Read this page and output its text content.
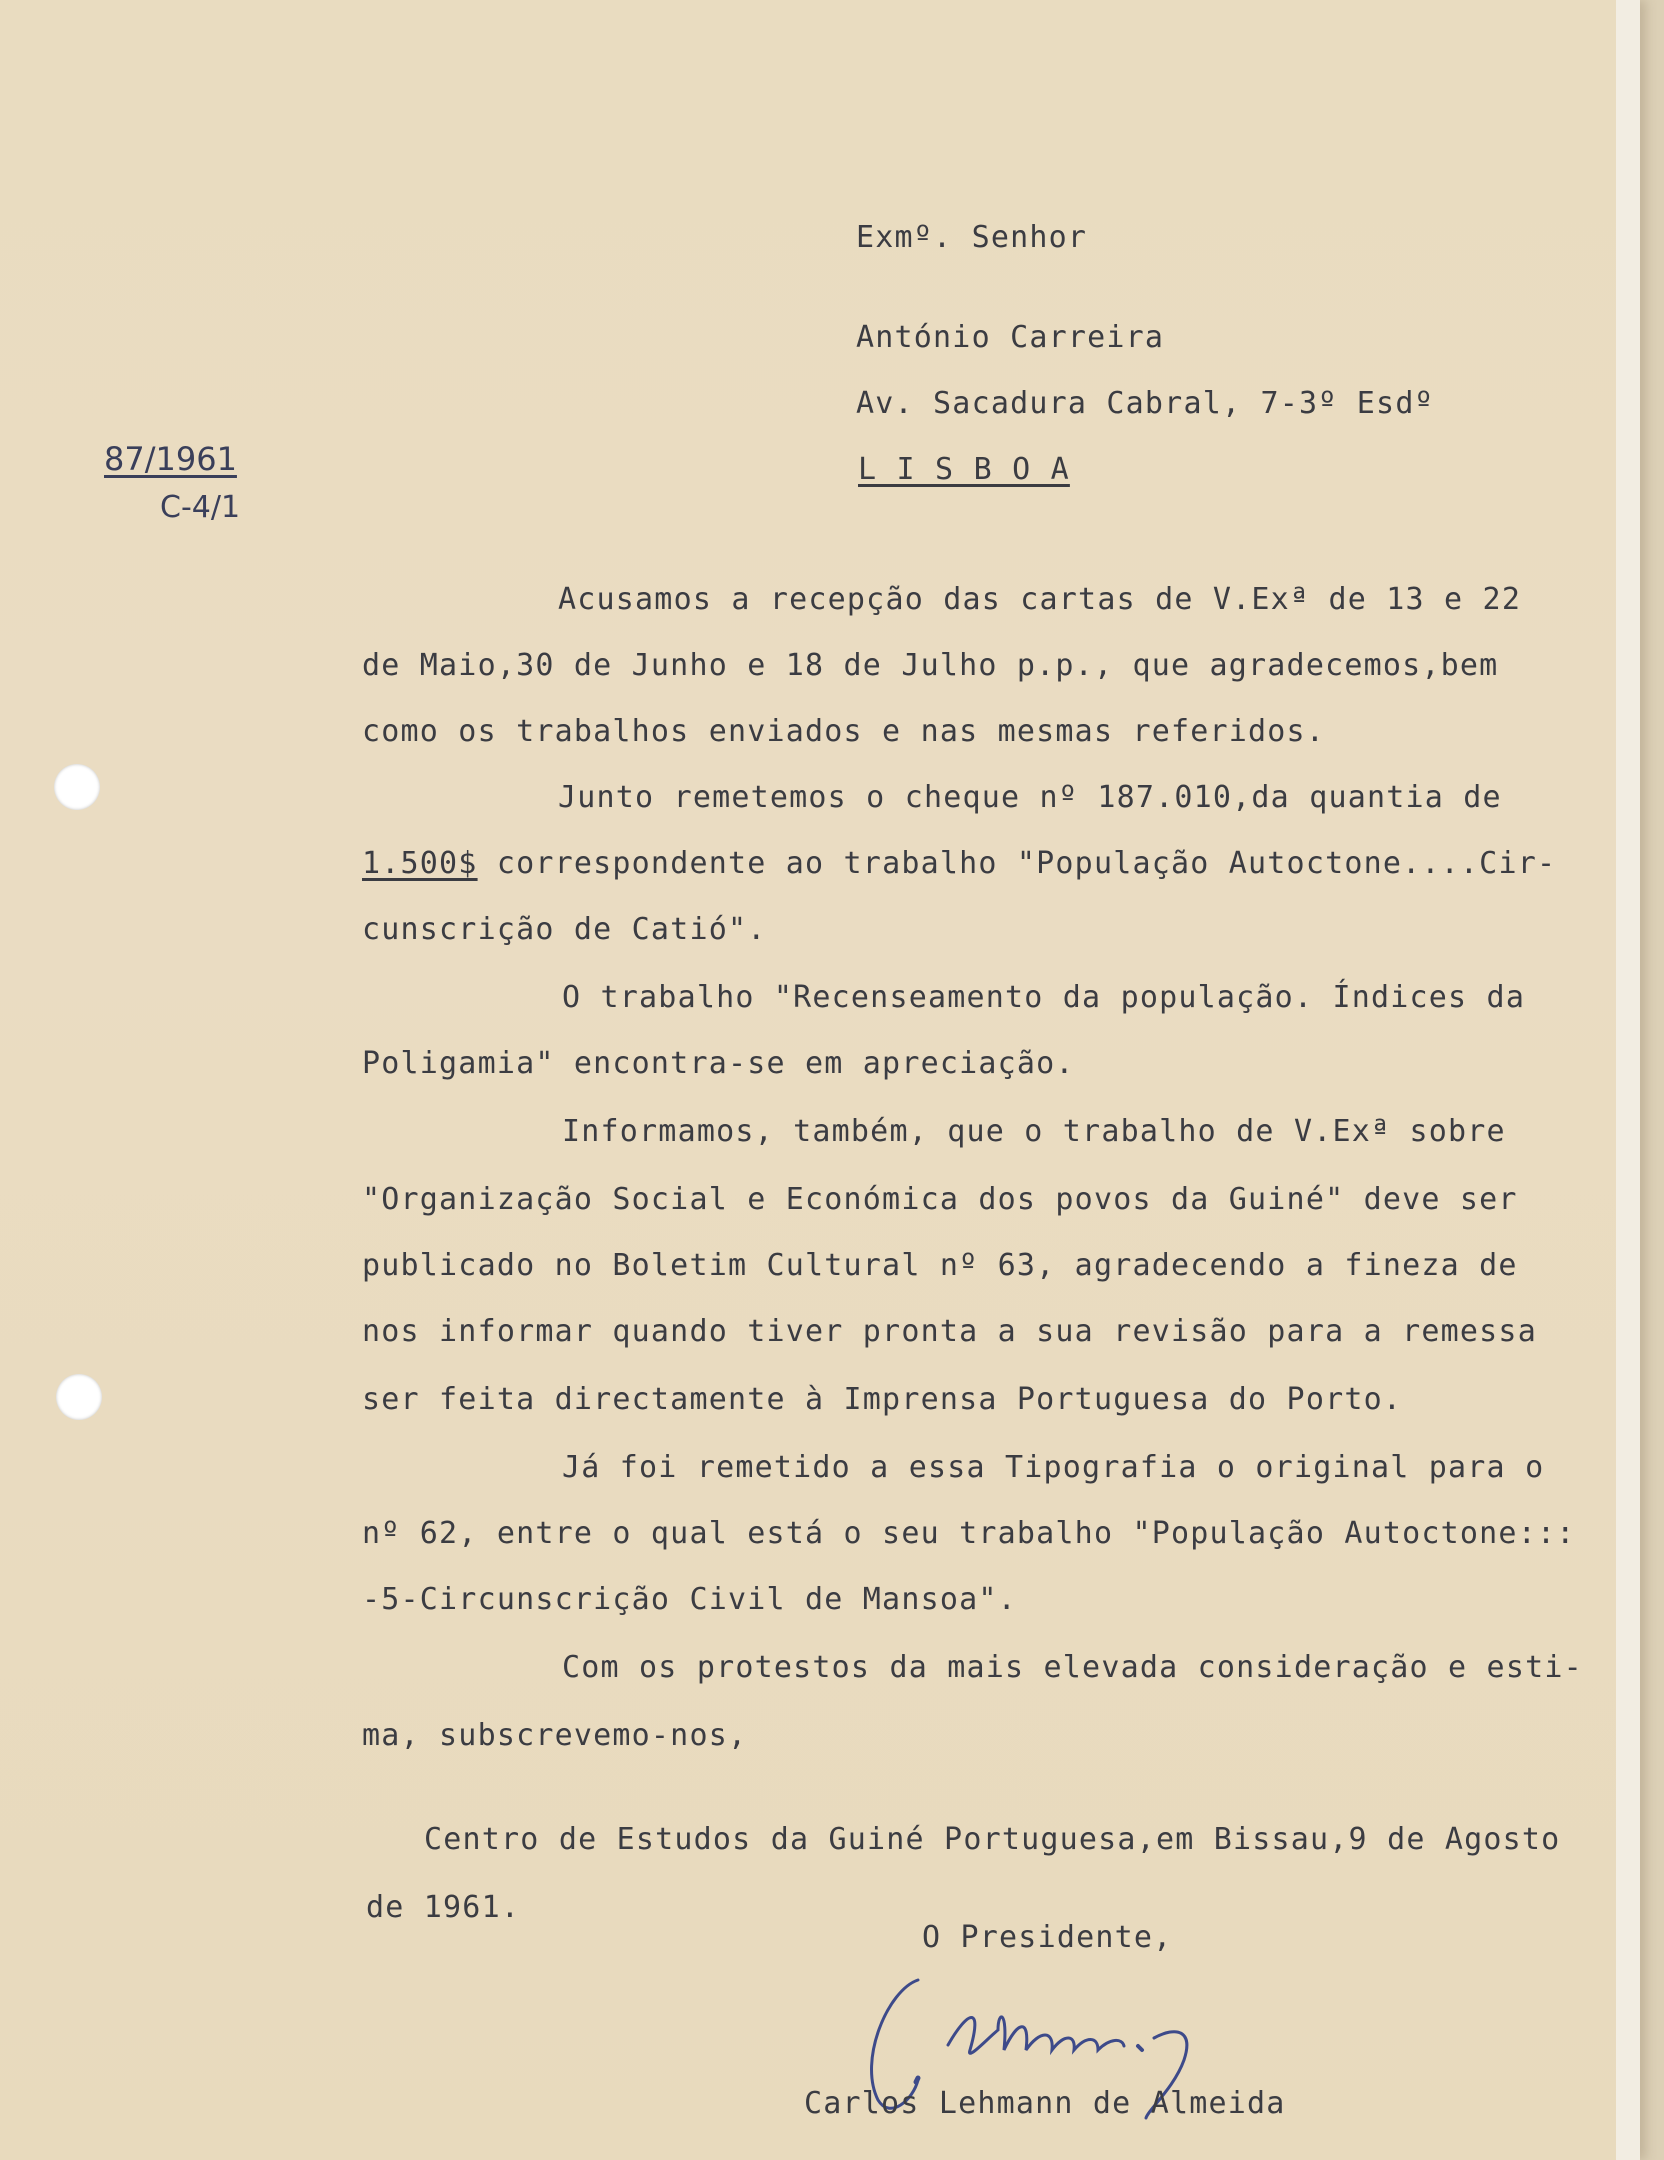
Exmº. Senhor
António Carreira
Av. Sacadura Cabral, 7-3º Esdº
L I S B O A
87/1961
C-4/1
Acusamos a recepção das cartas de V.Exª de 13 e 22
de Maio,30 de Junho e 18 de Julho p.p., que agradecemos,bem
como os trabalhos enviados e nas mesmas referidos.
Junto remetemos o cheque nº 187.010,da quantia de
1.500$ correspondente ao trabalho "População Autoctone....Cir-
cunscrição de Catió".
O trabalho "Recenseamento da população. Índices da
Poligamia" encontra-se em apreciação.
Informamos, também, que o trabalho de V.Exª sobre
"Organização Social e Económica dos povos da Guiné" deve ser
publicado no Boletim Cultural nº 63, agradecendo a fineza de
nos informar quando tiver pronta a sua revisão para a remessa
ser feita directamente à Imprensa Portuguesa do Porto.
Já foi remetido a essa Tipografia o original para o
nº 62, entre o qual está o seu trabalho "População Autoctone:::
-5-Circunscrição Civil de Mansoa".
Com os protestos da mais elevada consideração e esti-
ma, subscrevemo-nos,
Centro de Estudos da Guiné Portuguesa,em Bissau,9 de Agosto
de 1961.
O Presidente,
Carlos Lehmann de Almeida
